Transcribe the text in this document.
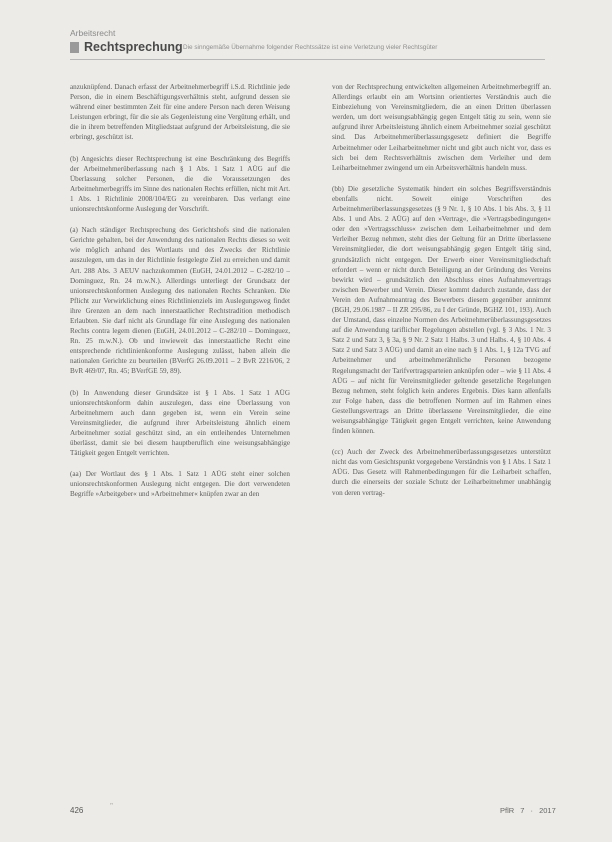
Arbeitsrecht
Rechtsprechung Die sinngemäße Übernahme folgender Rechtssätze ist eine Verletzung vieler Rechtsgüter

anzuknüpfend. Danach erfasst der Arbeitnehmerbegriff i.S.d. Richtlinie jede Person, die in einem Beschäftigungsverhältnis steht, aufgrund dessen sie während einer bestimmten Zeit für eine andere Person nach deren Weisung Leistungen erbringt, für die sie als Gegenleistung eine Vergütung erhält, und die in ihrem betreffenden Mitgliedstaat aufgrund der Arbeitsleistung, die sie erbringt, geschützt ist.

(b) Angesichts dieser Rechtsprechung ist eine Beschränkung des Begriffs der Arbeitnehmerüberlassung nach § 1 Abs. 1 Satz 1 AÜG auf die Überlassung solcher Personen, die die Voraussetzungen des Arbeitnehmerbegriffs im Sinne des nationalen Rechts erfüllen, nicht mit Art. 1 Abs. 1 Richtlinie 2008/104/EG zu vereinbaren. Das verlangt eine unionsrechtskonforme Auslegung der Vorschrift.

(a) Nach ständiger Rechtsprechung des Gerichtshofs sind die nationalen Gerichte gehalten, bei der Anwendung des nationalen Rechts dieses so weit wie möglich anhand des Wortlauts und des Zwecks der Richtlinie auszulegen, um das in der Richtlinie festgelegte Ziel zu erreichen und damit Art. 288 Abs. 3 AEUV nachzukommen (EuGH, 24.01.2012 – C-282/10 – Dominguez, Rn. 24 m.w.N.). Allerdings unterliegt der Grundsatz der unionsrechtskonformen Auslegung des nationalen Rechts Schranken. Die Pflicht zur Verwirklichung eines Richtlinienziels im Auslegungsweg findet ihre Grenzen an dem nach innerstaatlicher Rechtstradition methodisch Erlaubten. Sie darf nicht als Grundlage für eine Auslegung des nationalen Rechts contra legem dienen (EuGH, 24.01.2012 – C-282/10 – Dominguez, Rn. 25 m.w.N.). Ob und inwieweit das innerstaatliche Recht eine entsprechende richtlinienkonforme Auslegung zulässt, haben allein die nationalen Gerichte zu beurteilen (BVerfG 26.09.2011 – 2 BvR 2216/06, 2 BvR 469/07, Rn. 45; BVerfGE 59, 89).

(b) In Anwendung dieser Grundsätze ist § 1 Abs. 1 Satz 1 AÜG unionsrechtskonform dahin auszulegen, dass eine Überlassung von Arbeitnehmern auch dann gegeben ist, wenn ein Verein seine Vereinsmitglieder, die aufgrund ihrer Arbeitsleistung ähnlich einem Arbeitnehmer sozial geschützt sind, an ein entleihendes Unternehmen überlässt, damit sie bei diesem hauptberuflich eine weisungsabhängige Tätigkeit gegen Entgelt verrichten.

(aa) Der Wortlaut des § 1 Abs. 1 Satz 1 AÜG steht einer solchen unionsrechtskonformen Auslegung nicht entgegen. Die dort verwendeten Begriffe »Arbeitgeber« und »Arbeitnehmer« knüpfen zwar an den

von der Rechtsprechung entwickelten allgemeinen Arbeitnehmerbegriff an. Allerdings erlaubt ein am Wortsinn orientiertes Verständnis auch die Einbeziehung von Vereinsmitgliedern, die an einen Dritten überlassen werden, um dort weisungsabhängig gegen Entgelt tätig zu sein, wenn sie aufgrund ihrer Arbeitsleistung ähnlich einem Arbeitnehmer sozial geschützt sind. Das Arbeitnehmerüberlassungsgesetz definiert die Begriffe Arbeitnehmer oder Leiharbeitnehmer nicht und gibt auch nicht vor, dass es sich bei dem Rechtsverhältnis zwischen dem Verleiher und dem Leiharbeitnehmer zwingend um ein Arbeitsverhältnis handeln muss.

(bb) Die gesetzliche Systematik hindert ein solches Begriffsverständnis ebenfalls nicht. Soweit einige Vorschriften des Arbeitnehmerüberlassungsgesetzes (§ 9 Nr. 1, § 10 Abs. 1 bis Abs. 3, § 11 Abs. 1 und Abs. 2 AÜG) auf den »Vertrag«, die »Vertragsbedingungen« oder den »Vertragsschluss« zwischen dem Leiharbeitnehmer und dem Verleiher Bezug nehmen, steht dies der Geltung für an Dritte überlassene Vereinsmitglieder, die dort weisungsabhängig gegen Entgelt tätig sind, grundsätzlich nicht entgegen. Der Erwerb einer Vereinsmitgliedschaft erfordert – wenn er nicht durch Beteiligung an der Gründung des Vereins bewirkt wird – grundsätzlich den Abschluss eines Aufnahmevertrags zwischen Bewerber und Verein. Dieser kommt dadurch zustande, dass der Verein den Aufnahmeantrag des Bewerbers diesem gegenüber annimmt (BGH, 29.06.1987 – II ZR 295/86, zu I der Gründe, BGHZ 101, 193). Auch der Umstand, dass einzelne Normen des Arbeitnehmerüberlassungsgesetzes auf die Anwendung tariflicher Regelungen abstellen (vgl. § 3 Abs. 1 Nr. 3 Satz 2 und Satz 3, § 3a, § 9 Nr. 2 Satz 1 Halbs. 3 und Halbs. 4, § 10 Abs. 4 Satz 2 und Satz 3 AÜG) und damit an eine nach § 1 Abs. 1, § 12a TVG auf Arbeitnehmer und arbeitnehmerähnliche Personen bezogene Regelungsmacht der Tarifvertragsparteien anknüpfen oder – wie § 11 Abs. 4 AÜG – auf nicht für Vereinsmitglieder geltende gesetzliche Regelungen Bezug nehmen, steht folglich kein anderes Ergebnis. Dies kann allenfalls zur Folge haben, dass die betroffenen Normen auf im Rahmen eines Gestellungsvertrags an Dritte überlassene Vereinsmitglieder, die eine weisungsabhängige Tätigkeit gegen Entgelt verrichten, keine Anwendung finden können.

(cc) Auch der Zweck des Arbeitnehmerüberlassungsgesetzes unterstützt nicht das vom Gesichtspunkt vorgegebene Verständnis von § 1 Abs. 1 Satz 1 AÜG. Das Gesetz will Rahmenbedingungen für die Leiharbeit schaffen, durch die einerseits der soziale Schutz der Leiharbeitnehmer unabhängig von deren vertrag-

426	’’	PflR 7 · 2017
